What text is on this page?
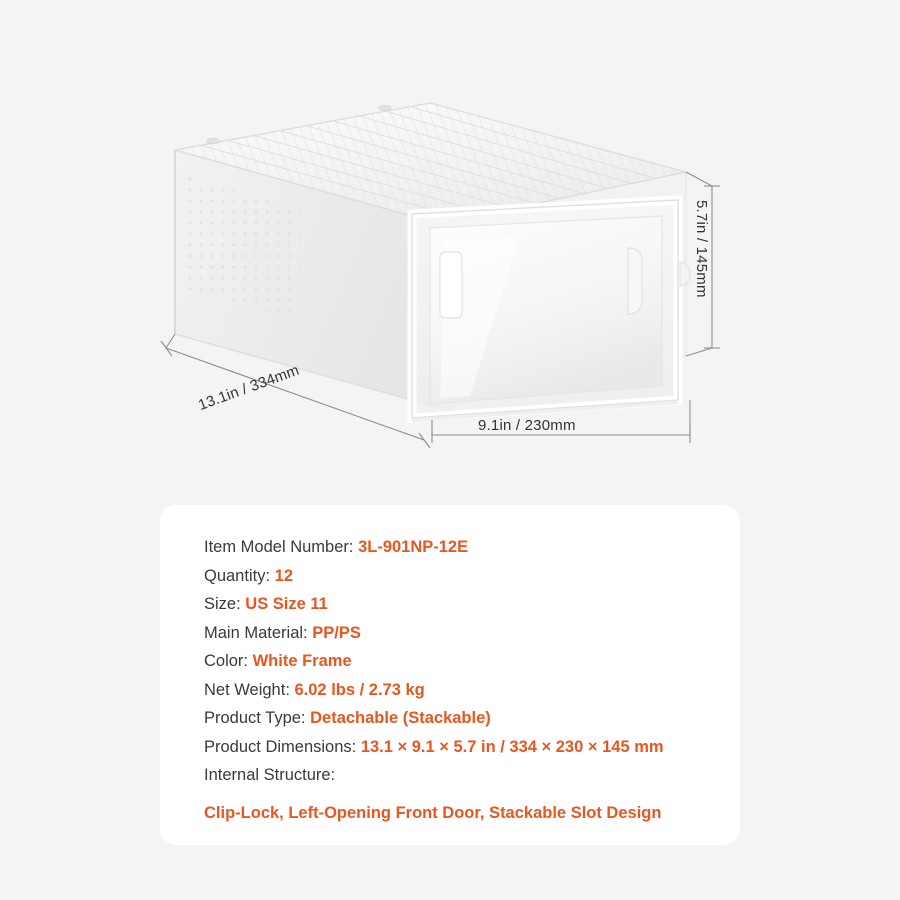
9.1in / 230mm
13.1in / 334mm
5.7in / 145mm
Item Model Number: 3L-901NP-12E
Quantity: 12
Size: US Size 11
Main Material: PP/PS
Color: White Frame
Net Weight: 6.02 lbs / 2.73 kg
Product Type: Detachable (Stackable)
Product Dimensions: 13.1 × 9.1 × 5.7 in / 334 × 230 × 145 mm
Internal Structure:
Clip-Lock, Left-Opening Front Door, Stackable Slot Design
